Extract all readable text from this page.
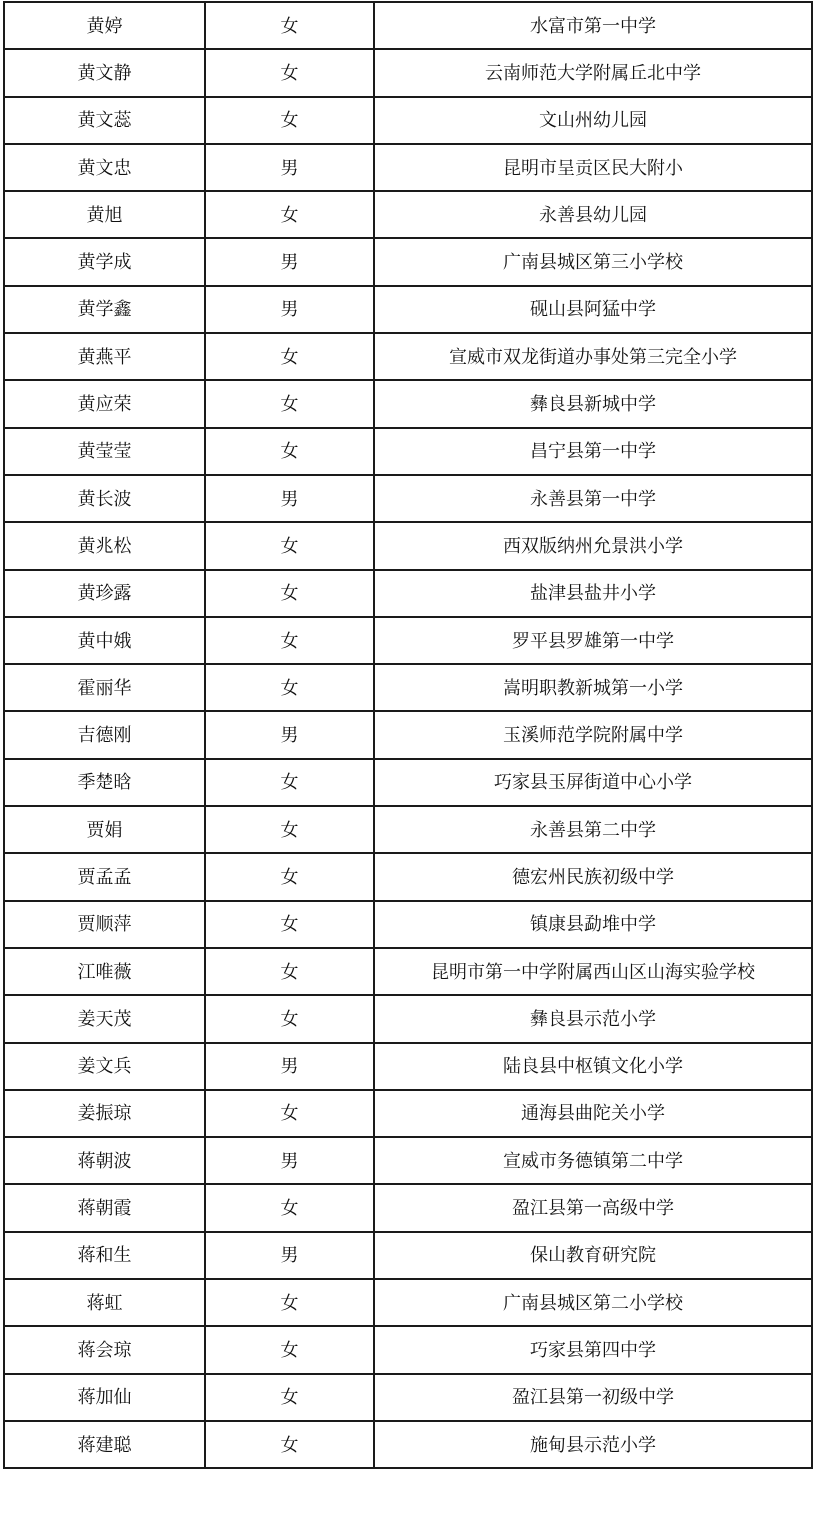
黄婷	女	水富市第一中学
黄文静	女	云南师范大学附属丘北中学
黄文蕊	女	文山州幼儿园
黄文忠	男	昆明市呈贡区民大附小
黄旭	女	永善县幼儿园
黄学成	男	广南县城区第三小学校
黄学鑫	男	砚山县阿猛中学
黄燕平	女	宣威市双龙街道办事处第三完全小学
黄应荣	女	彝良县新城中学
黄莹莹	女	昌宁县第一中学
黄长波	男	永善县第一中学
黄兆松	女	西双版纳州允景洪小学
黄珍露	女	盐津县盐井小学
黄中娥	女	罗平县罗雄第一中学
霍丽华	女	嵩明职教新城第一小学
吉德刚	男	玉溪师范学院附属中学
季楚晗	女	巧家县玉屏街道中心小学
贾娟	女	永善县第二中学
贾孟孟	女	德宏州民族初级中学
贾顺萍	女	镇康县勐堆中学
江唯薇	女	昆明市第一中学附属西山区山海实验学校
姜天茂	女	彝良县示范小学
姜文兵	男	陆良县中枢镇文化小学
姜振琼	女	通海县曲陀关小学
蒋朝波	男	宣威市务德镇第二中学
蒋朝霞	女	盈江县第一高级中学
蒋和生	男	保山教育研究院
蒋虹	女	广南县城区第二小学校
蒋会琼	女	巧家县第四中学
蒋加仙	女	盈江县第一初级中学
蒋建聪	女	施甸县示范小学
